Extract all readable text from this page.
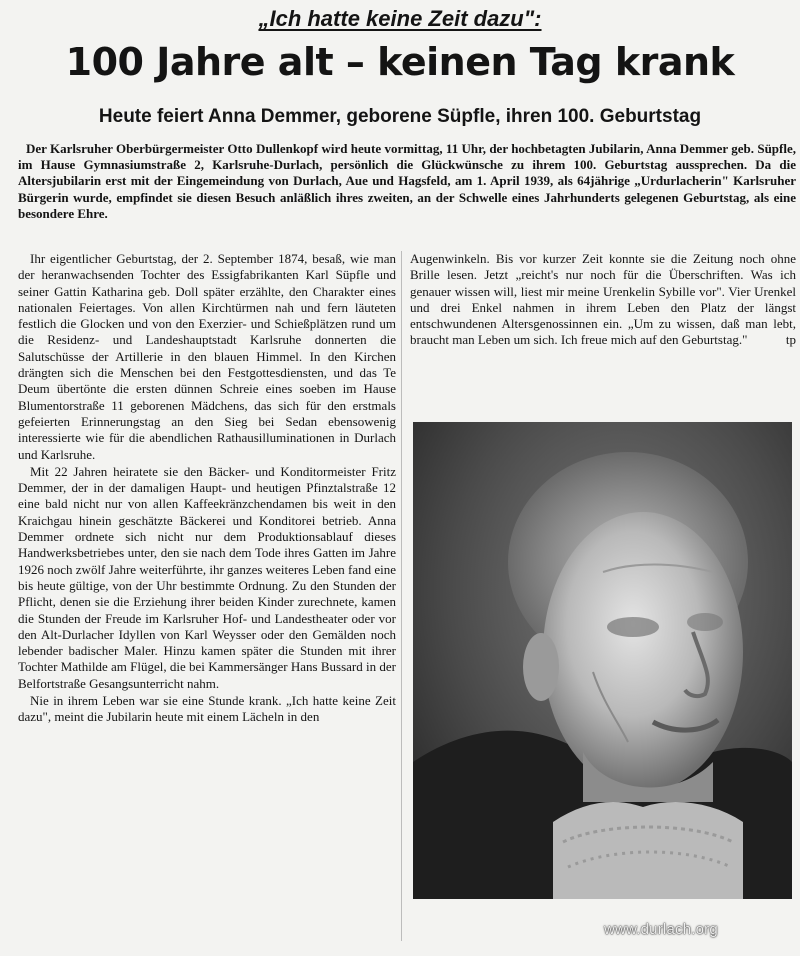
„Ich hatte keine Zeit dazu":
100 Jahre alt – keinen Tag krank
Heute feiert Anna Demmer, geborene Süpfle, ihren 100. Geburtstag

Der Karlsruher Oberbürgermeister Otto Dullenkopf wird heute vormittag, 11 Uhr, der hochbetagten Jubilarin, Anna Demmer geb. Süpfle, im Hause Gymnasiumstraße 2, Karlsruhe-Durlach, persönlich die Glückwünsche zu ihrem 100. Geburtstag aussprechen. Da die Altersjubilarin erst mit der Eingemeindung von Durlach, Aue und Hagsfeld, am 1. April 1939, als 64jährige „Urdurlacherin" Karlsruher Bürgerin wurde, empfindet sie diesen Besuch anläßlich ihres zweiten, an der Schwelle eines Jahrhunderts gelegenen Geburtstag, als eine besondere Ehre.

Ihr eigentlicher Geburtstag, der 2. September 1874, besaß, wie man der heranwachsenden Tochter des Essigfabrikanten Karl Süpfle und seiner Gattin Katharina geb. Doll später erzählte, den Charakter eines nationalen Feiertages. Von allen Kirchtürmen nah und fern läuteten festlich die Glocken und von den Exerzier- und Schießplätzen rund um die Residenz- und Landeshauptstadt Karlsruhe donnerten die Salutschüsse der Artillerie in den blauen Himmel. In den Kirchen drängten sich die Menschen bei den Festgottesdiensten, und das Te Deum übertönte die ersten dünnen Schreie eines soeben im Hause Blumentorstraße 11 geborenen Mädchens, das sich für den erstmals gefeierten Erinnerungstag an den Sieg bei Sedan ebensowenig interessierte wie für die abendlichen Rathausilluminationen in Durlach und Karlsruhe.

Mit 22 Jahren heiratete sie den Bäcker- und Konditormeister Fritz Demmer, der in der damaligen Haupt- und heutigen Pfinztalstraße 12 eine bald nicht nur von allen Kaffeekränzchendamen bis weit in den Kraichgau hinein geschätzte Bäckerei und Konditorei betrieb. Anna Demmer ordnete sich nicht nur dem Produktionsablauf dieses Handwerksbetriebes unter, den sie nach dem Tode ihres Gatten im Jahre 1926 noch zwölf Jahre weiterführte, ihr ganzes weiteres Leben fand eine bis heute gültige, von der Uhr bestimmte Ordnung. Zu den Stunden der Pflicht, denen sie die Erziehung ihrer beiden Kinder zurechnete, kamen die Stunden der Freude im Karlsruher Hof- und Landestheater oder vor den Alt-Durlacher Idyllen von Karl Weysser oder den Gemälden noch lebender badischer Maler. Hinzu kamen später die Stunden mit ihrer Tochter Mathilde am Flügel, die bei Kammersänger Hans Bussard in der Belfortstraße Gesangsunterricht nahm.

Nie in ihrem Leben war sie eine Stunde krank. „Ich hatte keine Zeit dazu", meint die Jubilarin heute mit einem Lächeln in den

Augenwinkeln. Bis vor kurzer Zeit konnte sie die Zeitung noch ohne Brille lesen. Jetzt „reicht's nur noch für die Überschriften. Was ich genauer wissen will, liest mir meine Urenkelin Sybille vor". Vier Urenkel und drei Enkel nahmen in ihrem Leben den Platz der längst entschwundenen Altersgenossinnen ein. „Um zu wissen, daß man lebt, braucht man Leben um sich. Ich freue mich auf den Geburtstag."	tp

www.durlach.org
